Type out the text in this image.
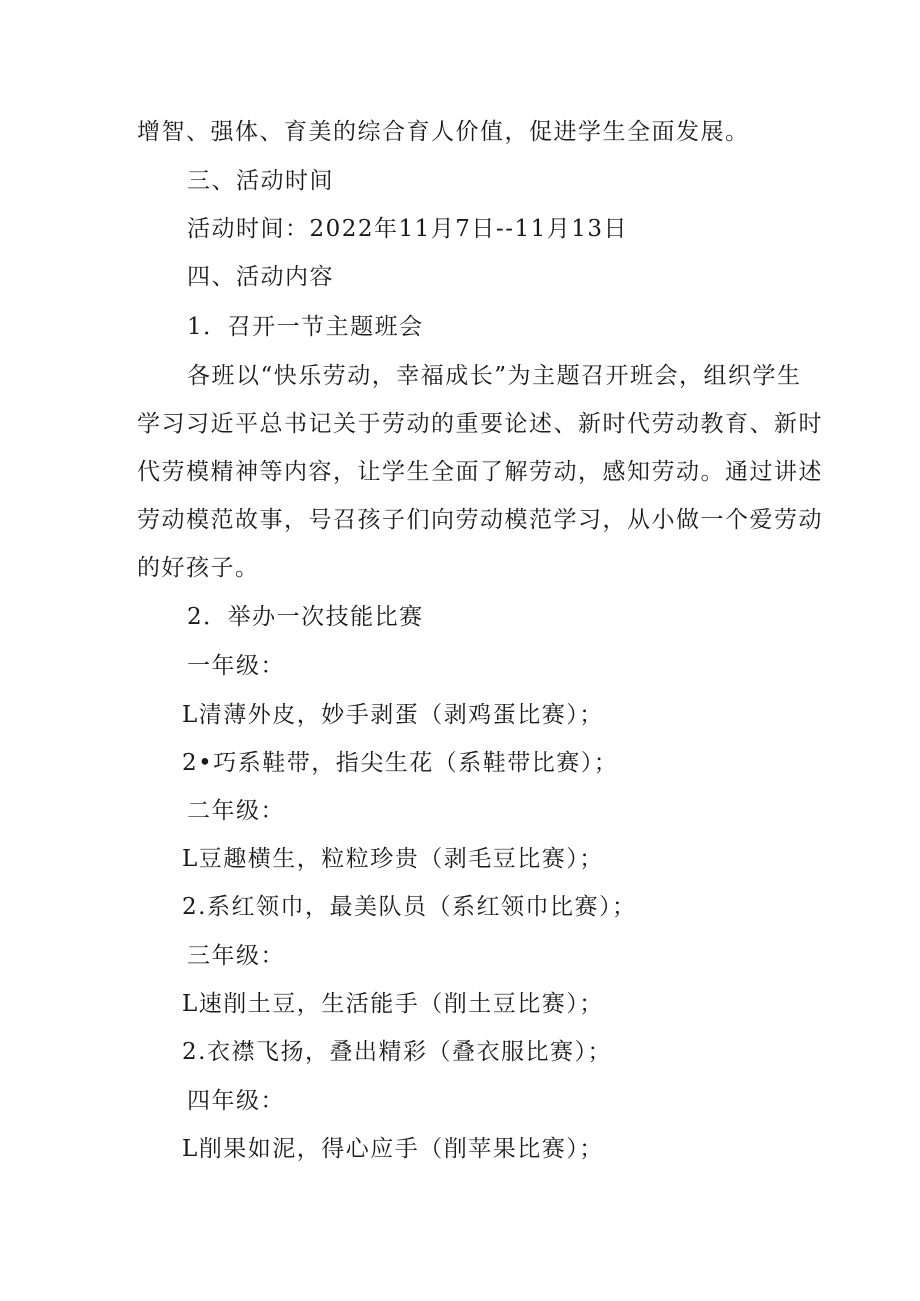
增智、强体、育美的综合育人价值，促进学生全面发展。
三、活动时间
活动时间：2022年11月7日--11月13日
四、活动内容
1．召开一节主题班会
各班以“快乐劳动，幸福成长”为主题召开班会，组织学生
学习习近平总书记关于劳动的重要论述、新时代劳动教育、新时
代劳模精神等内容，让学生全面了解劳动，感知劳动。通过讲述
劳动模范故事，号召孩子们向劳动模范学习，从小做一个爱劳动
的好孩子。
2．举办一次技能比赛
一年级：
L清薄外皮，妙手剥蛋（剥鸡蛋比赛）；
2•巧系鞋带，指尖生花（系鞋带比赛）；
二年级：
L豆趣横生，粒粒珍贵（剥毛豆比赛）；
2.系红领巾，最美队员（系红领巾比赛）；
三年级：
L速削土豆，生活能手（削土豆比赛）；
2.衣襟飞扬，叠出精彩（叠衣服比赛）；
四年级：
L削果如泥，得心应手（削苹果比赛）；
